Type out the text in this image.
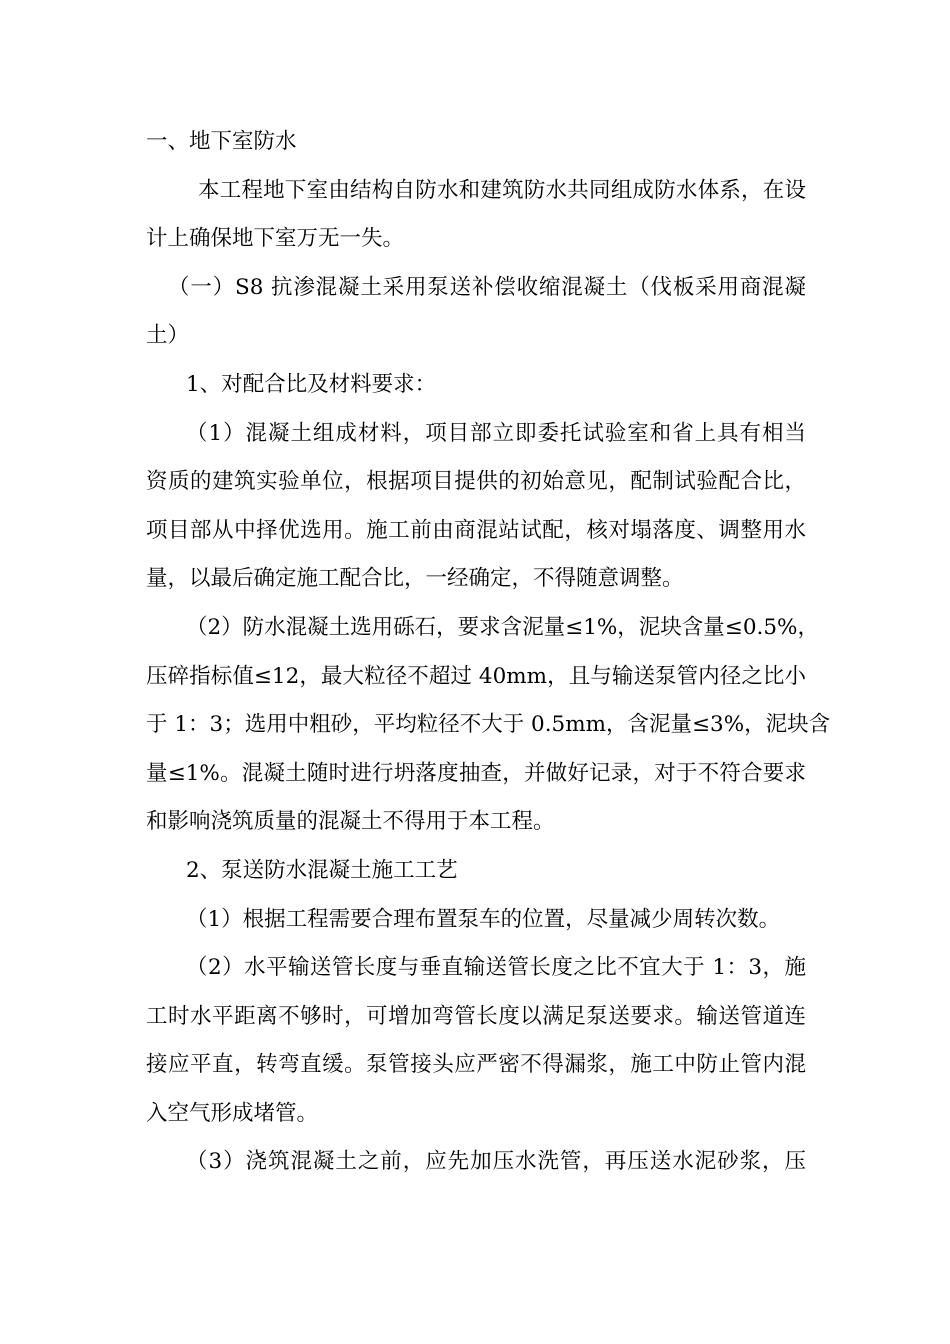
一、地下室防水
本工程地下室由结构自防水和建筑防水共同组成防水体系，在设
计上确保地下室万无一失。
（一）S8 抗渗混凝土采用泵送补偿收缩混凝土（伐板采用商混凝
土）
1、对配合比及材料要求：
（1）混凝土组成材料，项目部立即委托试验室和省上具有相当
资质的建筑实验单位，根据项目提供的初始意见，配制试验配合比，
项目部从中择优选用。施工前由商混站试配，核对塌落度、调整用水
量，以最后确定施工配合比，一经确定，不得随意调整。
（2）防水混凝土选用砾石，要求含泥量≤1%，泥块含量≤0.5%，
压碎指标值≤12，最大粒径不超过 40mm，且与输送泵管内径之比小
于 1：3；选用中粗砂，平均粒径不大于 0.5mm，含泥量≤3%，泥块含
量≤1%。混凝土随时进行坍落度抽查，并做好记录，对于不符合要求
和影响浇筑质量的混凝土不得用于本工程。
2、泵送防水混凝土施工工艺
（1）根据工程需要合理布置泵车的位置，尽量减少周转次数。
（2）水平输送管长度与垂直输送管长度之比不宜大于 1：3，施
工时水平距离不够时，可增加弯管长度以满足泵送要求。输送管道连
接应平直，转弯直缓。泵管接头应严密不得漏浆，施工中防止管内混
入空气形成堵管。
（3）浇筑混凝土之前，应先加压水洗管，再压送水泥砂浆，压
